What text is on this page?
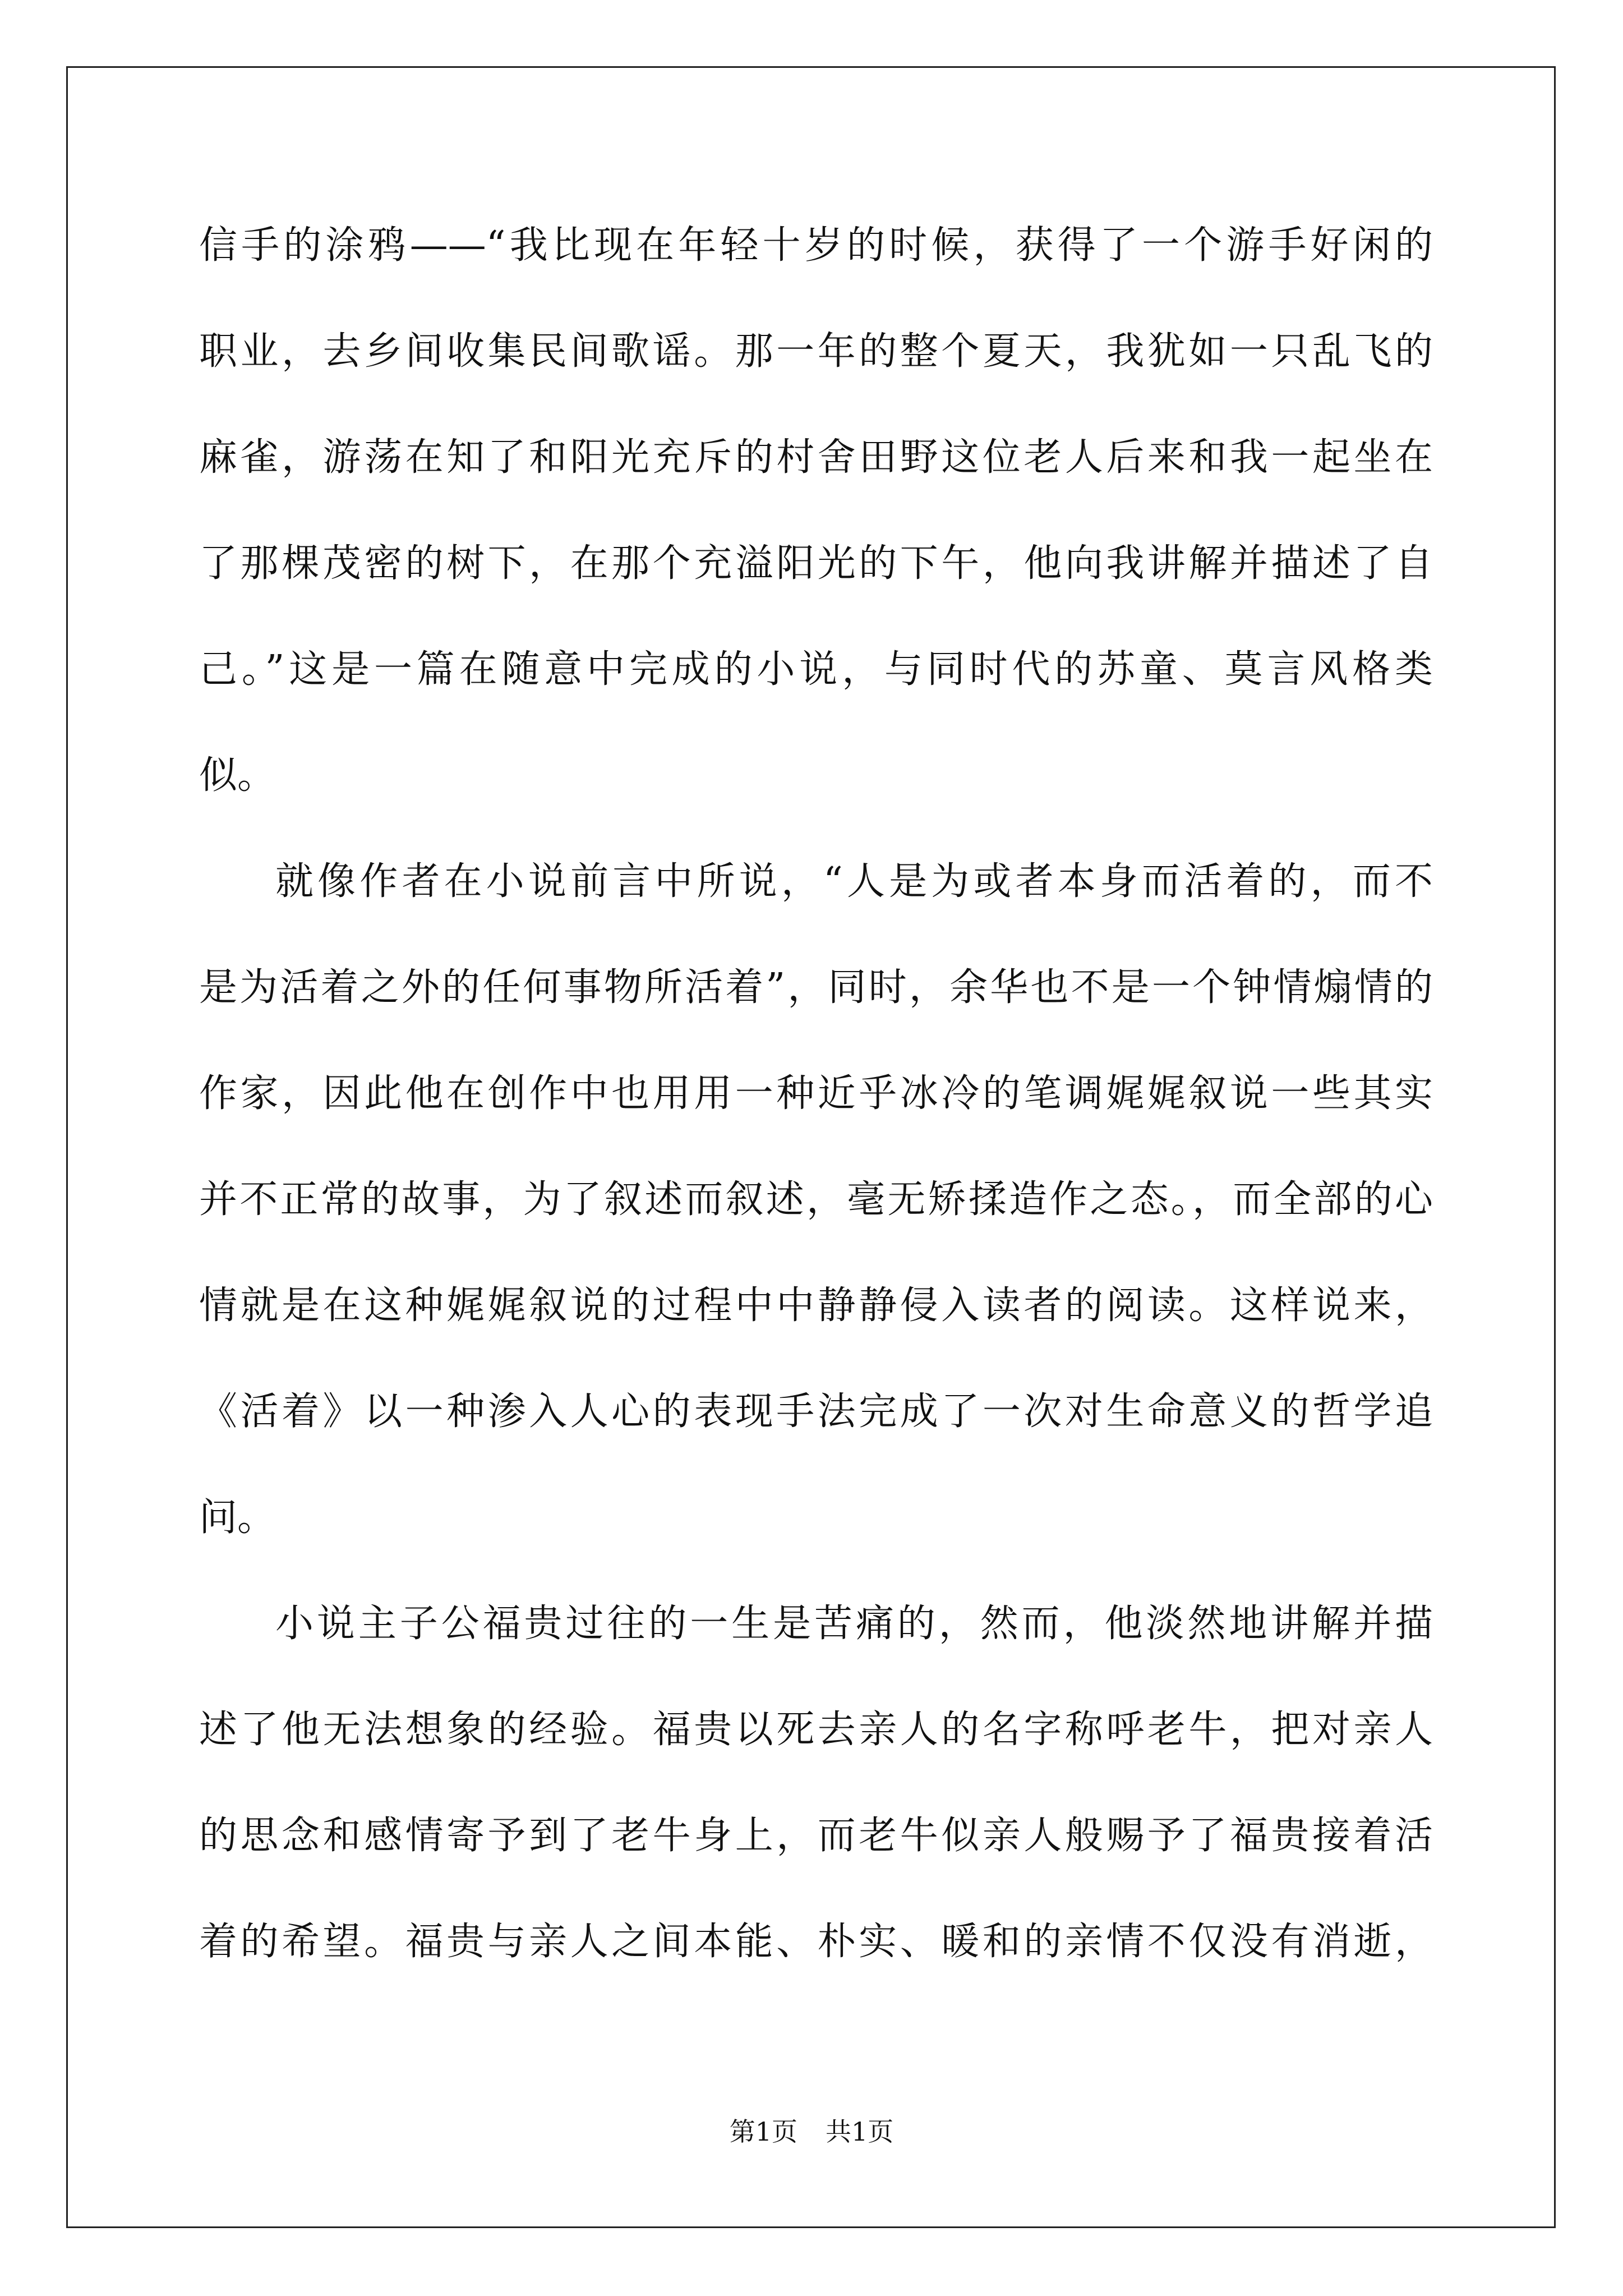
信手的涂鸦——“我比现在年轻十岁的时候，获得了一个游手好闲的
职业，去乡间收集民间歌谣。那一年的整个夏天，我犹如一只乱飞的
麻雀，游荡在知了和阳光充斥的村舍田野这位老人后来和我一起坐在
了那棵茂密的树下，在那个充溢阳光的下午，他向我讲解并描述了自
己。”这是一篇在随意中完成的小说，与同时代的苏童、莫言风格类
似。
就像作者在小说前言中所说，“人是为或者本身而活着的，而不
是为活着之外的任何事物所活着”，同时，余华也不是一个钟情煽情的
作家，因此他在创作中也用用一种近乎冰冷的笔调娓娓叙说一些其实
并不正常的故事，为了叙述而叙述，毫无矫揉造作之态。，而全部的心
情就是在这种娓娓叙说的过程中中静静侵入读者的阅读。这样说来，
《活着》以一种渗入人心的表现手法完成了一次对生命意义的哲学追
问。
小说主子公福贵过往的一生是苦痛的，然而，他淡然地讲解并描
述了他无法想象的经验。福贵以死去亲人的名字称呼老牛，把对亲人
的思念和感情寄予到了老牛身上，而老牛似亲人般赐予了福贵接着活
着的希望。福贵与亲人之间本能、朴实、暖和的亲情不仅没有消逝，
第1页 共1页
